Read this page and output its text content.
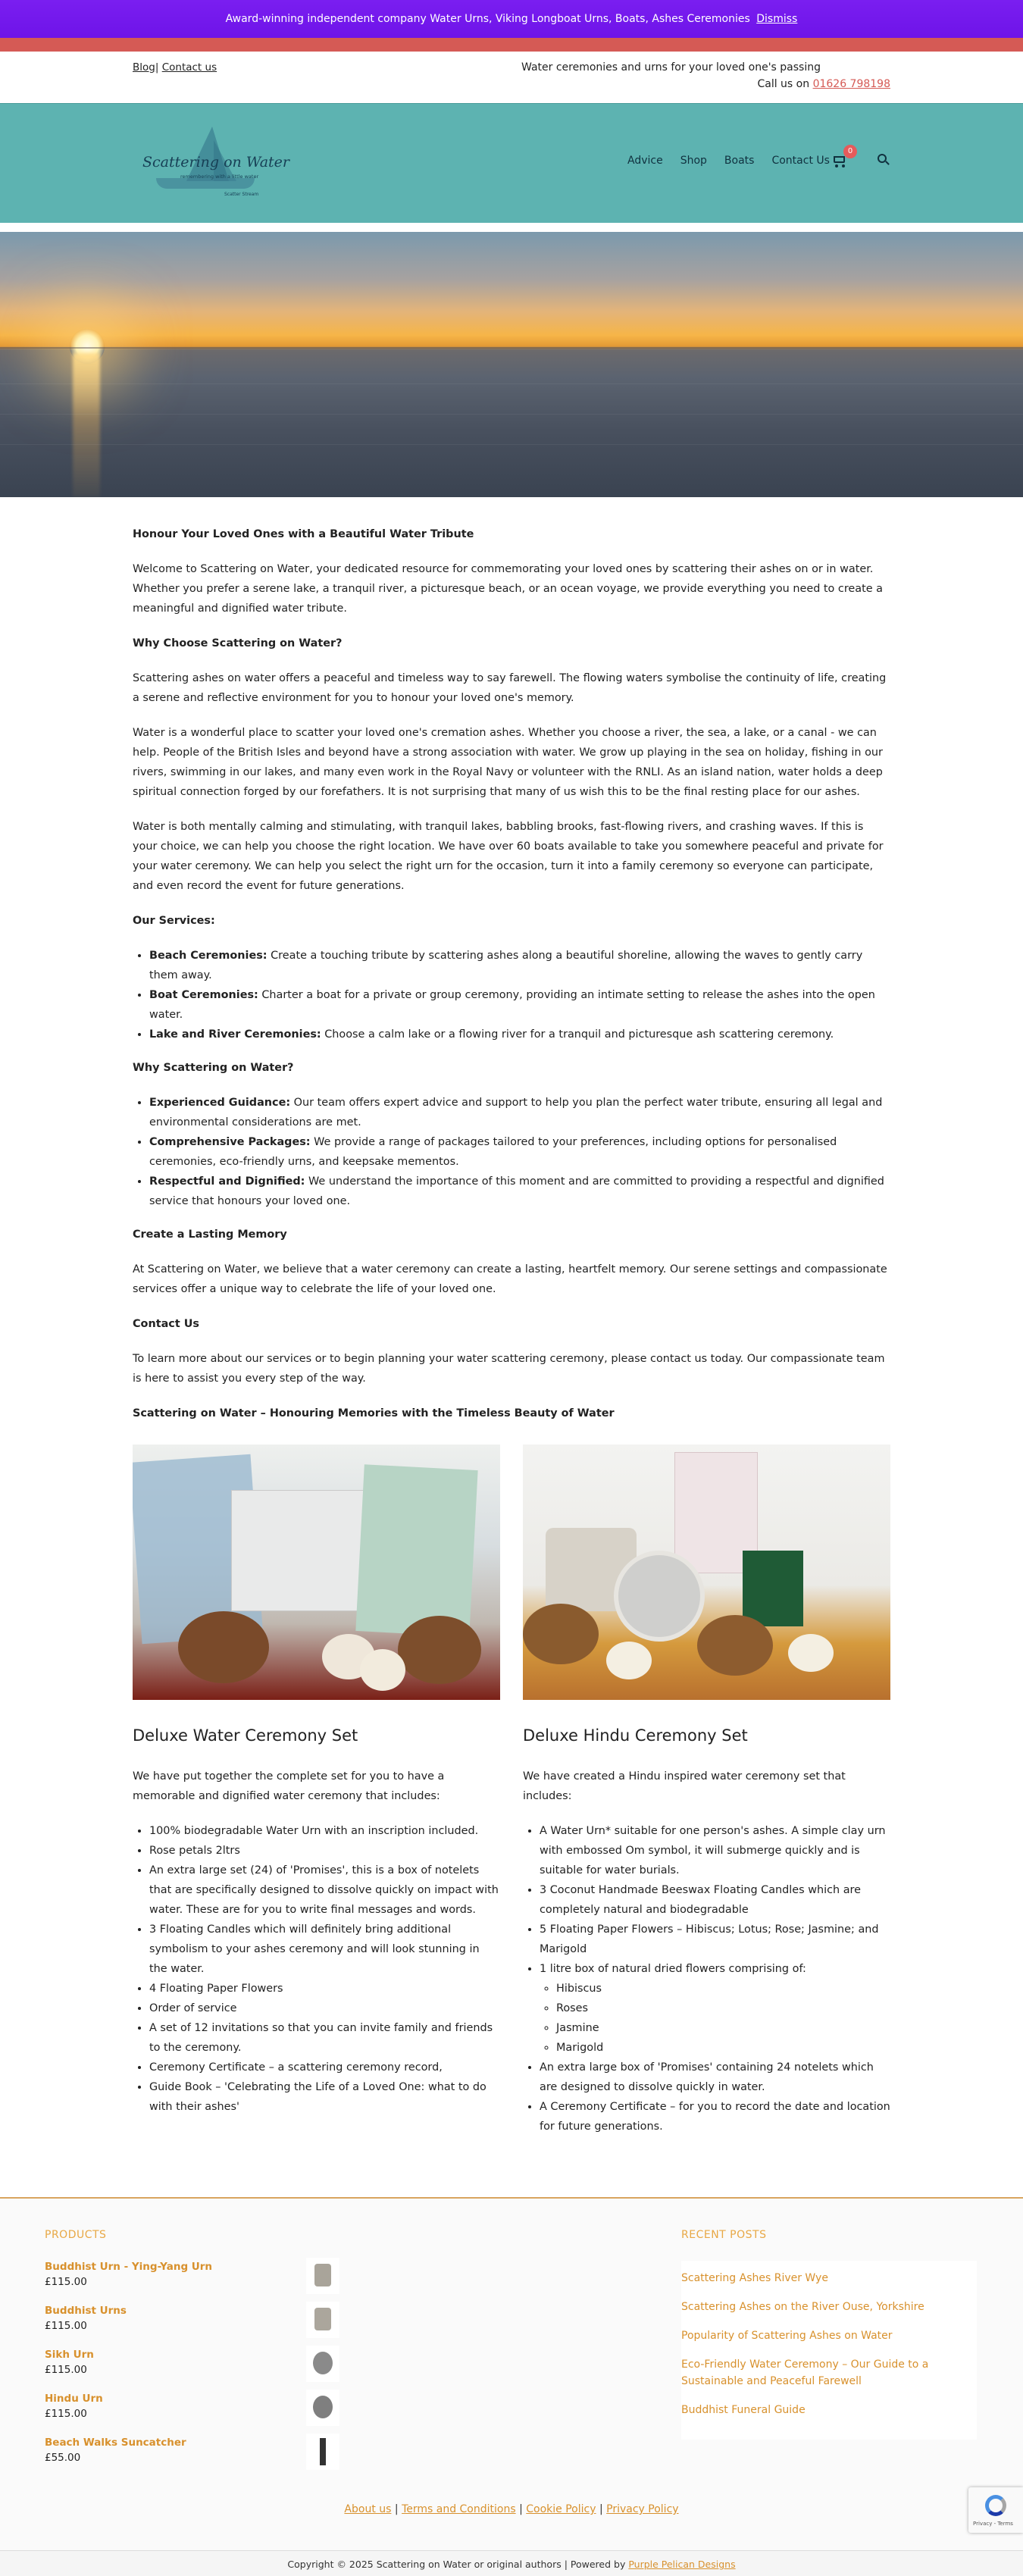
Award-winning independent company Water Urns, Viking Longboat Urns, Boats, Ashes Ceremonies Dismiss
Blog| Contact us	Water ceremonies and urns for your loved one's passing
Call us on 01626 798198
Scattering on Water
remembering with a little water
Scatter Stream
Advice Shop Boats Contact Us
0
Honour Your Loved Ones with a Beautiful Water Tribute

Welcome to Scattering on Water, your dedicated resource for commemorating your loved ones by scattering their ashes on or in water. Whether you prefer a serene lake, a tranquil river, a picturesque beach, or an ocean voyage, we provide everything you need to create a meaningful and dignified water tribute.

Why Choose Scattering on Water?

Scattering ashes on water offers a peaceful and timeless way to say farewell. The flowing waters symbolise the continuity of life, creating a serene and reflective environment for you to honour your loved one's memory.

Water is a wonderful place to scatter your loved one's cremation ashes. Whether you choose a river, the sea, a lake, or a canal - we can help. People of the British Isles and beyond have a strong association with water. We grow up playing in the sea on holiday, fishing in our rivers, swimming in our lakes, and many even work in the Royal Navy or volunteer with the RNLI. As an island nation, water holds a deep spiritual connection forged by our forefathers. It is not surprising that many of us wish this to be the final resting place for our ashes.

Water is both mentally calming and stimulating, with tranquil lakes, babbling brooks, fast-flowing rivers, and crashing waves. If this is your choice, we can help you choose the right location. We have over 60 boats available to take you somewhere peaceful and private for your water ceremony. We can help you select the right urn for the occasion, turn it into a family ceremony so everyone can participate, and even record the event for future generations.

Our Services:
• Beach Ceremonies: Create a touching tribute by scattering ashes along a beautiful shoreline, allowing the waves to gently carry them away.
• Boat Ceremonies: Charter a boat for a private or group ceremony, providing an intimate setting to release the ashes into the open water.
• Lake and River Ceremonies: Choose a calm lake or a flowing river for a tranquil and picturesque ash scattering ceremony.
Why Scattering on Water?
• Experienced Guidance: Our team offers expert advice and support to help you plan the perfect water tribute, ensuring all legal and environmental considerations are met.
• Comprehensive Packages: We provide a range of packages tailored to your preferences, including options for personalised ceremonies, eco-friendly urns, and keepsake mementos.
• Respectful and Dignified: We understand the importance of this moment and are committed to providing a respectful and dignified service that honours your loved one.
Create a Lasting Memory

At Scattering on Water, we believe that a water ceremony can create a lasting, heartfelt memory. Our serene settings and compassionate services offer a unique way to celebrate the life of your loved one.

Contact Us

To learn more about our services or to begin planning your water scattering ceremony, please contact us today. Our compassionate team is here to assist you every step of the way.

Scattering on Water – Honouring Memories with the Timeless Beauty of Water
Deluxe Water Ceremony Set

We have put together the complete set for you to have a memorable and dignified water ceremony that includes:

• 100% biodegradable Water Urn with an inscription included.
• Rose petals 2ltrs
• An extra large set (24) of 'Promises', this is a box of notelets that are specifically designed to dissolve quickly on impact with water. These are for you to write final messages and words.
• 3 Floating Candles which will definitely bring additional symbolism to your ashes ceremony and will look stunning in the water.
• 4 Floating Paper Flowers
• Order of service
• A set of 12 invitations so that you can invite family and friends to the ceremony.
• Ceremony Certificate – a scattering ceremony record,
• Guide Book – 'Celebrating the Life of a Loved One: what to do with their ashes'
Deluxe Hindu Ceremony Set

We have created a Hindu inspired water ceremony set that includes:

• A Water Urn* suitable for one person's ashes. A simple clay urn with embossed Om symbol, it will submerge quickly and is suitable for water burials.
• 3 Coconut Handmade Beeswax Floating Candles which are completely natural and biodegradable
• 5 Floating Paper Flowers – Hibiscus; Lotus; Rose; Jasmine; and Marigold
• 1 litre box of natural dried flowers comprising of:
◦ Hibiscus
◦ Roses
◦ Jasmine
◦ Marigold
• An extra large box of 'Promises' containing 24 notelets which are designed to dissolve quickly in water.
• A Ceremony Certificate – for you to record the date and location for future generations.
PRODUCTS
Buddhist Urn - Ying-Yang Urn
£115.00
Buddhist Urns
£115.00
Sikh Urn
£115.00
Hindu Urn
£115.00
Beach Walks Suncatcher
£55.00
RECENT POSTS
Scattering Ashes River Wye
Scattering Ashes on the River Ouse, Yorkshire
Popularity of Scattering Ashes on Water
Eco-Friendly Water Ceremony – Our Guide to a Sustainable and Peaceful Farewell
Buddhist Funeral Guide
About us | Terms and Conditions | Cookie Policy | Privacy Policy
Copyright © 2025 Scattering on Water or original authors | Powered by Purple Pelican Designs
Privacy - Terms
